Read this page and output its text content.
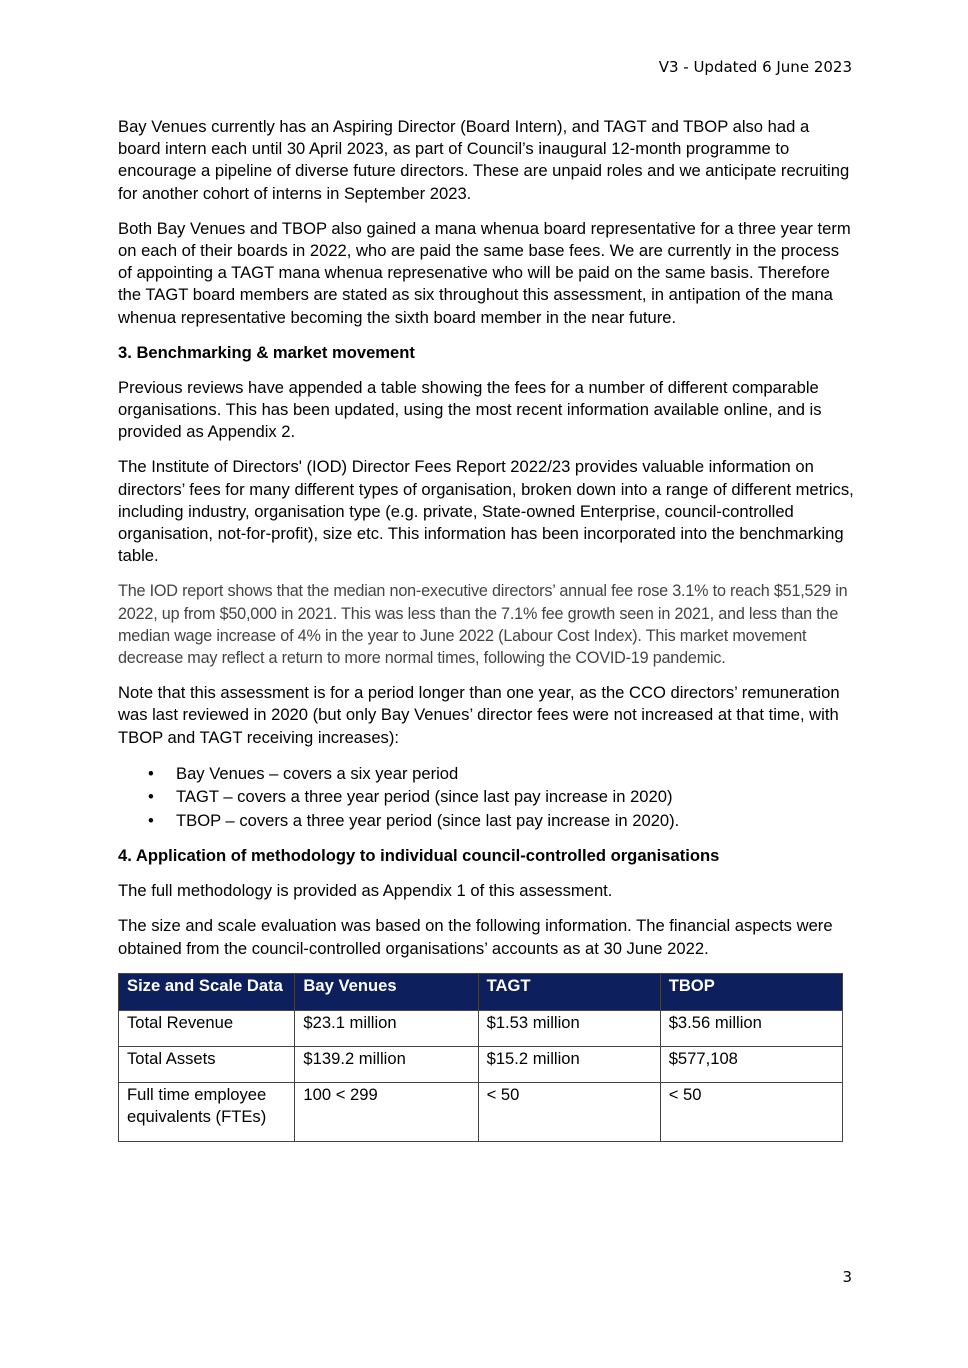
V3 - Updated 6 June 2023

Bay Venues currently has an Aspiring Director (Board Intern), and TAGT and TBOP also had a board intern each until 30 April 2023, as part of Council’s inaugural 12-month programme to encourage a pipeline of diverse future directors. These are unpaid roles and we anticipate recruiting for another cohort of interns in September 2023.

Both Bay Venues and TBOP also gained a mana whenua board representative for a three year term on each of their boards in 2022, who are paid the same base fees. We are currently in the process of appointing a TAGT mana whenua represenative who will be paid on the same basis. Therefore the TAGT board members are stated as six throughout this assessment, in antipation of the mana whenua representative becoming the sixth board member in the near future.

3. Benchmarking & market movement

Previous reviews have appended a table showing the fees for a number of different comparable organisations. This has been updated, using the most recent information available online, and is provided as Appendix 2.

The Institute of Directors' (IOD) Director Fees Report 2022/23 provides valuable information on directors’ fees for many different types of organisation, broken down into a range of different metrics, including industry, organisation type (e.g. private, State-owned Enterprise, council-controlled organisation, not-for-profit), size etc. This information has been incorporated into the benchmarking table.

The IOD report shows that the median non-executive directors’ annual fee rose 3.1% to reach $51,529 in 2022, up from $50,000 in 2021. This was less than the 7.1% fee growth seen in 2021, and less than the median wage increase of 4% in the year to June 2022 (Labour Cost Index). This market movement decrease may reflect a return to more normal times, following the COVID-19 pandemic.

Note that this assessment is for a period longer than one year, as the CCO directors’ remuneration was last reviewed in 2020 (but only Bay Venues’ director fees were not increased at that time, with TBOP and TAGT receiving increases):

• Bay Venues – covers a six year period
• TAGT – covers a three year period (since last pay increase in 2020)
• TBOP – covers a three year period (since last pay increase in 2020).
4. Application of methodology to individual council-controlled organisations

The full methodology is provided as Appendix 1 of this assessment.

The size and scale evaluation was based on the following information. The financial aspects were obtained from the council-controlled organisations’ accounts as at 30 June 2022.

Size and Scale Data	Bay Venues	TAGT	TBOP
Total Revenue	$23.1 million	$1.53 million	$3.56 million
Total Assets	$139.2 million	$15.2 million	$577,108
Full time employee equivalents (FTEs)	100 < 299	< 50	< 50
3
